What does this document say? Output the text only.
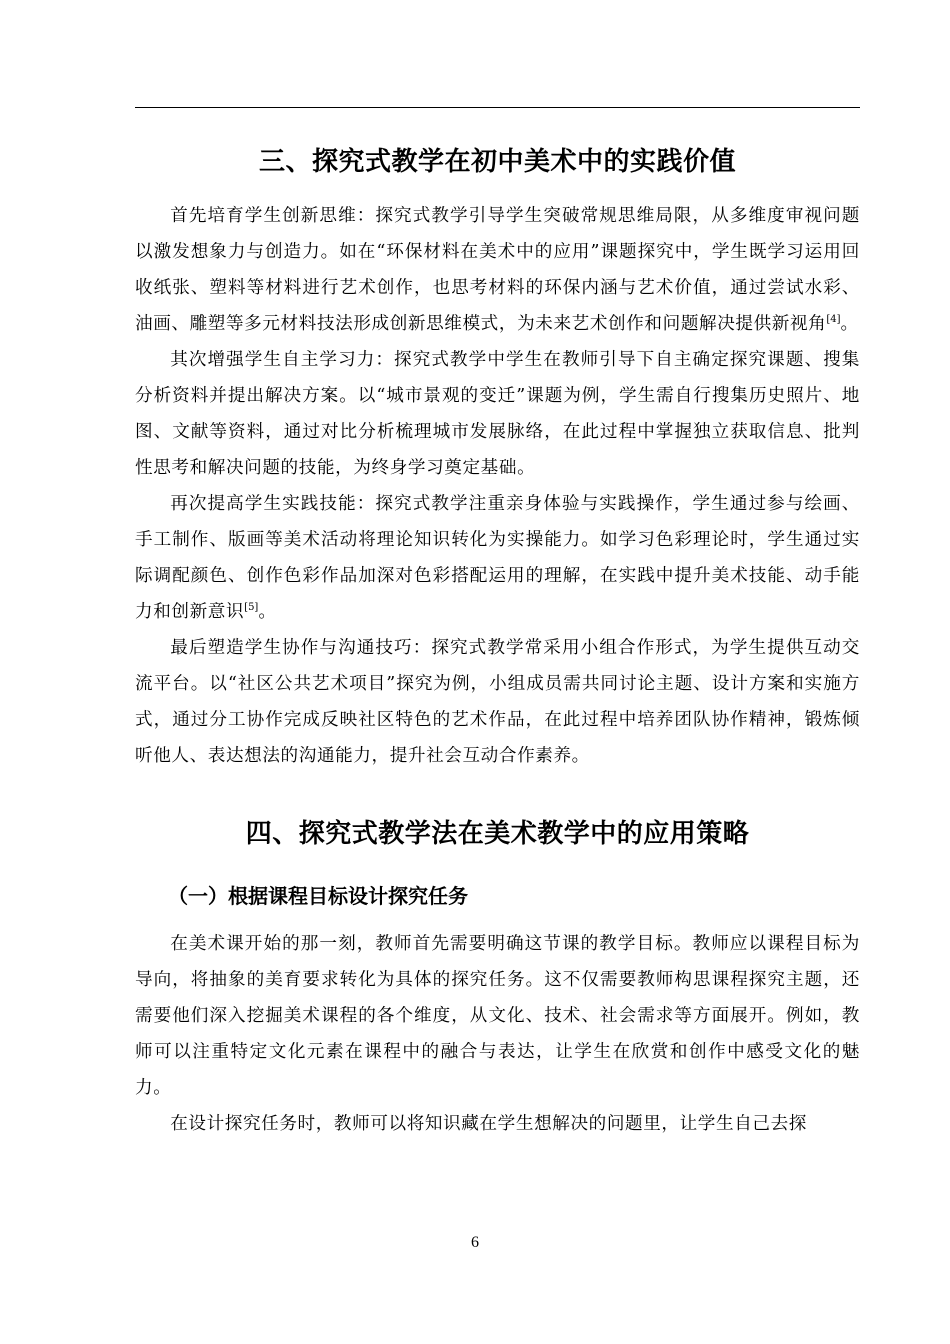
三、探究式教学在初中美术中的实践价值

首先培育学生创新思维：探究式教学引导学生突破常规思维局限，从多维度审视问题以激发想象力与创造力。如在“环保材料在美术中的应用”课题探究中，学生既学习运用回收纸张、塑料等材料进行艺术创作，也思考材料的环保内涵与艺术价值，通过尝试水彩、油画、雕塑等多元材料技法形成创新思维模式，为未来艺术创作和问题解决提供新视角[4]。

其次增强学生自主学习力：探究式教学中学生在教师引导下自主确定探究课题、搜集分析资料并提出解决方案。以“城市景观的变迁”课题为例，学生需自行搜集历史照片、地图、文献等资料，通过对比分析梳理城市发展脉络，在此过程中掌握独立获取信息、批判性思考和解决问题的技能，为终身学习奠定基础。

再次提高学生实践技能：探究式教学注重亲身体验与实践操作，学生通过参与绘画、手工制作、版画等美术活动将理论知识转化为实操能力。如学习色彩理论时，学生通过实际调配颜色、创作色彩作品加深对色彩搭配运用的理解，在实践中提升美术技能、动手能力和创新意识[5]。

最后塑造学生协作与沟通技巧：探究式教学常采用小组合作形式，为学生提供互动交流平台。以“社区公共艺术项目”探究为例，小组成员需共同讨论主题、设计方案和实施方式，通过分工协作完成反映社区特色的艺术作品，在此过程中培养团队协作精神，锻炼倾听他人、表达想法的沟通能力，提升社会互动合作素养。

四、探究式教学法在美术教学中的应用策略
（一）根据课程目标设计探究任务

在美术课开始的那一刻，教师首先需要明确这节课的教学目标。教师应以课程目标为导向，将抽象的美育要求转化为具体的探究任务。这不仅需要教师构思课程探究主题，还需要他们深入挖掘美术课程的各个维度，从文化、技术、社会需求等方面展开。例如，教师可以注重特定文化元素在课程中的融合与表达，让学生在欣赏和创作中感受文化的魅力。

在设计探究任务时，教师可以将知识藏在学生想解决的问题里，让学生自己去探

6
